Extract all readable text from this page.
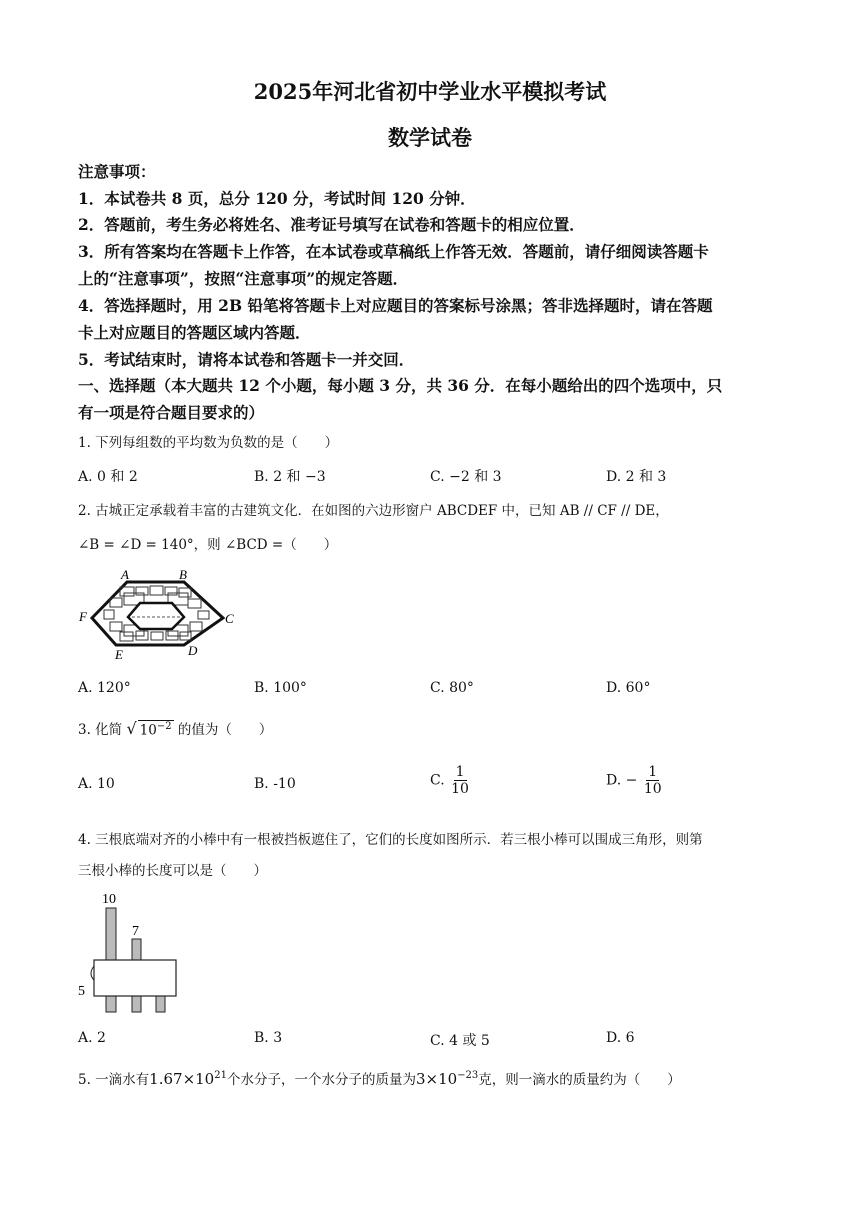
2025年河北省初中学业水平模拟考试
数学试卷
注意事项：
1．本试卷共 8 页，总分 120 分，考试时间 120 分钟．
2．答题前，考生务必将姓名、准考证号填写在试卷和答题卡的相应位置．
3．所有答案均在答题卡上作答，在本试卷或草稿纸上作答无效．答题前，请仔细阅读答题卡
上的“注意事项”，按照“注意事项”的规定答题．
4．答选择题时，用 2B 铅笔将答题卡上对应题目的答案标号涂黑；答非选择题时，请在答题
卡上对应题目的答题区域内答题．
5．考试结束时，请将本试卷和答题卡一并交回．
一、选择题（本大题共 12 个小题，每小题 3 分，共 36 分．在每小题给出的四个选项中，只
有一项是符合题目要求的）
1. 下列每组数的平均数为负数的是（　　）
A. 0 和 2	B. 2 和 −3	C. −2 和 3	D. 2 和 3
2. 古城正定承载着丰富的古建筑文化．在如图的六边形窗户 ABCDEF 中，已知 AB // CF // DE，
∠B = ∠D = 140°，则 ∠BCD =（　　）
A	B
C
D
E
F
A. 120°	B. 100°	C. 80°	D. 60°
3. 化简 √ $10^{-2}$ 的值为（　　）
A. 10	B. -10	C. $\frac{1}{10}$	D. − $\frac{1}{10}$
4. 三根底端对齐的小棒中有一根被挡板遮住了，它们的长度如图所示．若三根小棒可以围成三角形，则第
三根小棒的长度可以是（　　）
10
7
5
A. 2	B. 3	C. 4 或 5	D. 6
5. 一滴水有$1.67\times 10^{21}$个水分子，一个水分子的质量为$3\times 10^{-23}$克，则一滴水的质量约为（　　）
